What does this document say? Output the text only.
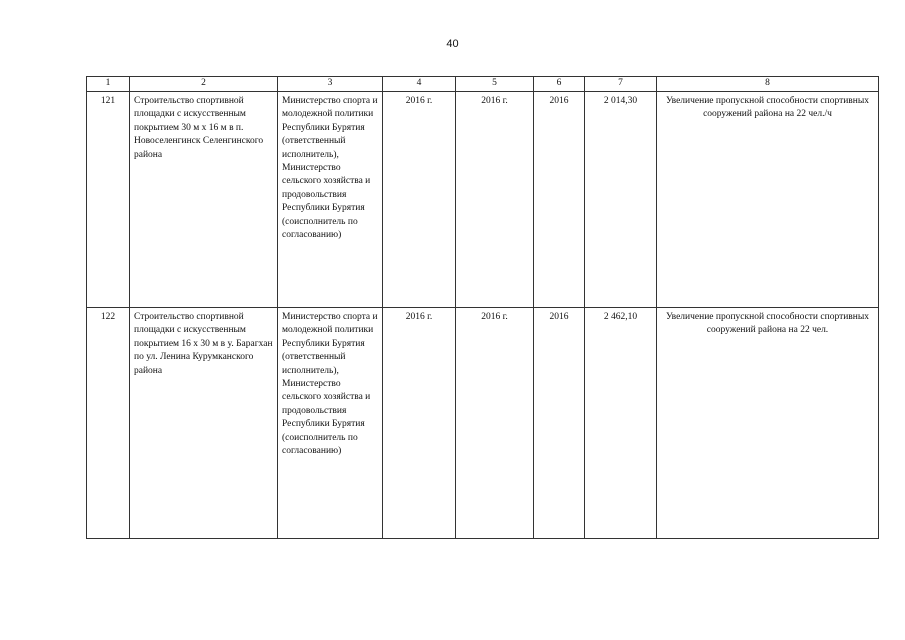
40
1	2	3	4	5	6	7	8
121	Строительство спортивной площадки с искусственным покрытием 30 м х 16 м в п. Новоселенгинск Селенгинского района	Министерство спорта и молодежной политики Республики Бурятия (ответственный исполнитель), Министерство сельского хозяйства и продовольствия Республики Бурятия (соисполнитель по согласованию)	2016 г.	2016 г.	2016	2 014,30	Увеличение пропускной способности спортивных сооружений района на 22 чел./ч
122	Строительство спортивной площадки с искусственным покрытием 16 х 30 м в у. Барагхан по ул. Ленина Курумканского района	Министерство спорта и молодежной политики Республики Бурятия (ответственный исполнитель), Министерство сельского хозяйства и продовольствия Республики Бурятия (соисполнитель по согласованию)	2016 г.	2016 г.	2016	2 462,10	Увеличение пропускной способности спортивных сооружений района на 22 чел.
